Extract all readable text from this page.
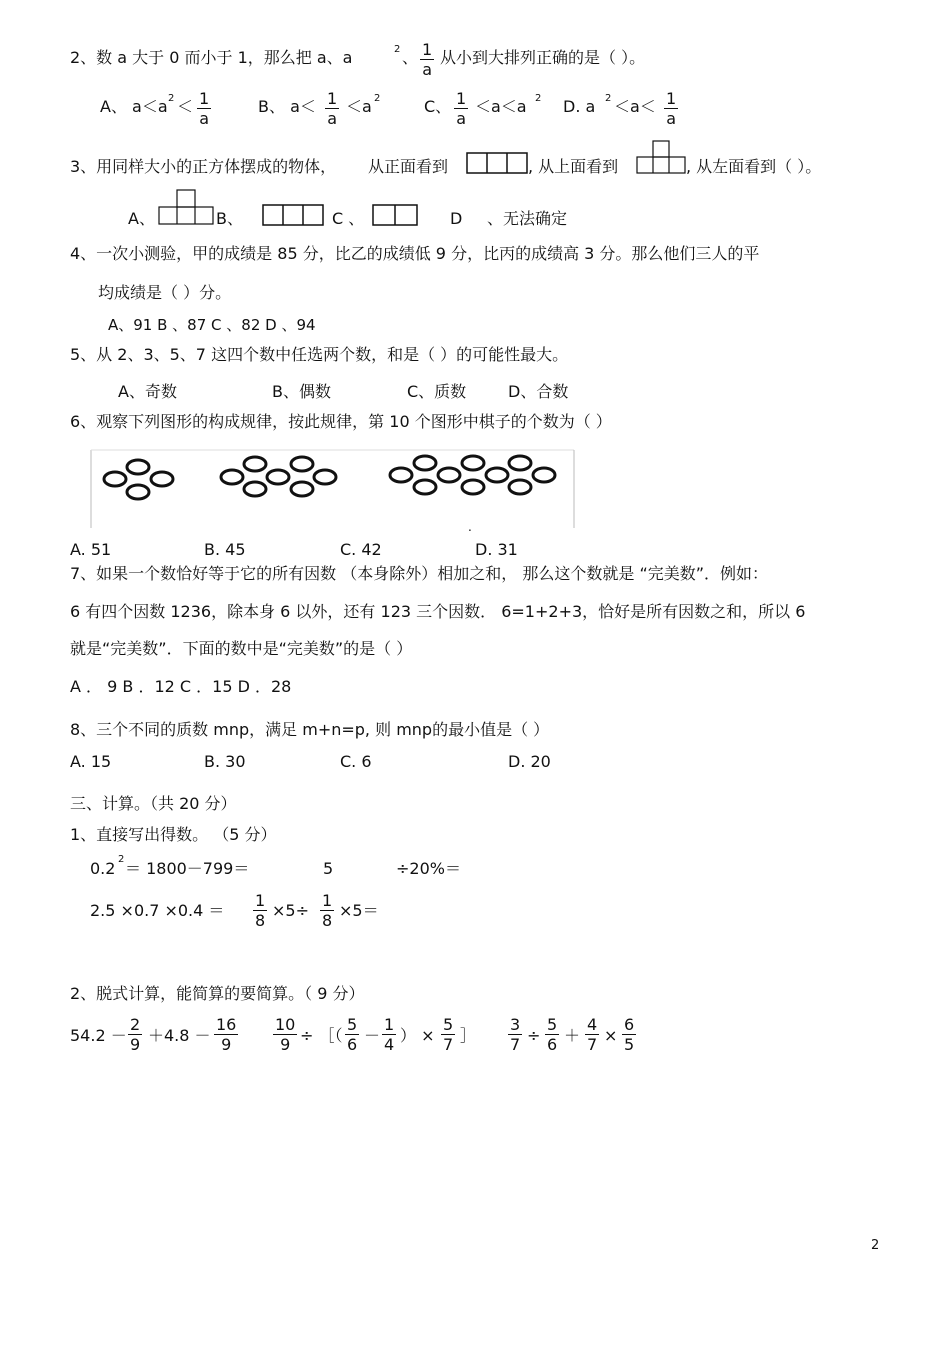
2、数 a 大于 0 而小于 1，那么把 a、a	2 、 $\frac{1}{a}$ 从小到大排列正确的是（ ）。
A、 a＜a $2 < \frac{1}{a}$	B、 $a< \frac{1}{a} <a$ 2	C、 $\frac{1}{a} <a<a$ 2 D. a $2 <a< \frac{1}{a}$
3、用同样大小的正方体摆成的物体， 从正面看到	, 从上面看到	, 从左面看到（ ）。
A、	B、	C 、	D 、无法确定
4、一次小测验，甲的成绩是 85 分，比乙的成绩低 9 分，比丙的成绩高 3 分。那么他们三人的平
均成绩是（ ）分。
A、91 B 、87 C 、82 D 、94
5、从 2、3、5、7 这四个数中任选两个数，和是（ ）的可能性最大。
A、奇数	B、偶数	C、质数	D、合数
6、观察下列图形的构成规律，按此规律，第 10 个图形中棋子的个数为（ ）
.
A. 51	B. 45	C. 42	D. 31
7、如果一个数恰好等于它的所有因数 （本身除外）相加之和， 那么这个数就是 “完美数”．例如：
6 有四个因数 1236，除本身 6 以外，还有 123 三个因数． 6=1+2+3，恰好是所有因数之和，所以 6
就是“完美数”．下面的数中是“完美数”的是（ ）
A ． 9 B ．12 C ．15 D ．28
8、三个不同的质数 mnp，满足 m+n=p, 则 mnp的最小值是（ ）
A. 15	B. 30	C. 6	D. 20
三、计算。（共 20 分）
1、直接写出得数。 （5 分）
0.2 2 ＝ 1800－799＝	5	÷20%＝
$2.5 \times 0.7 \times 0.4 = \frac{1}{8} \times 5\div \frac{1}{8} \times 5=$
2、脱式计算，能简算的要简算。（ 9 分）
$54.2 - \frac{2}{9} +4.8 - \frac{16}{9} \frac{10}{9}$ ÷ ［（ $\frac{5}{6} - \frac{1}{4}$ ） × $\frac{5}{7}$ ］ $\frac{3}{7} \div \frac{5}{6} + \frac{4}{7} \times \frac{6}{5}$
2
